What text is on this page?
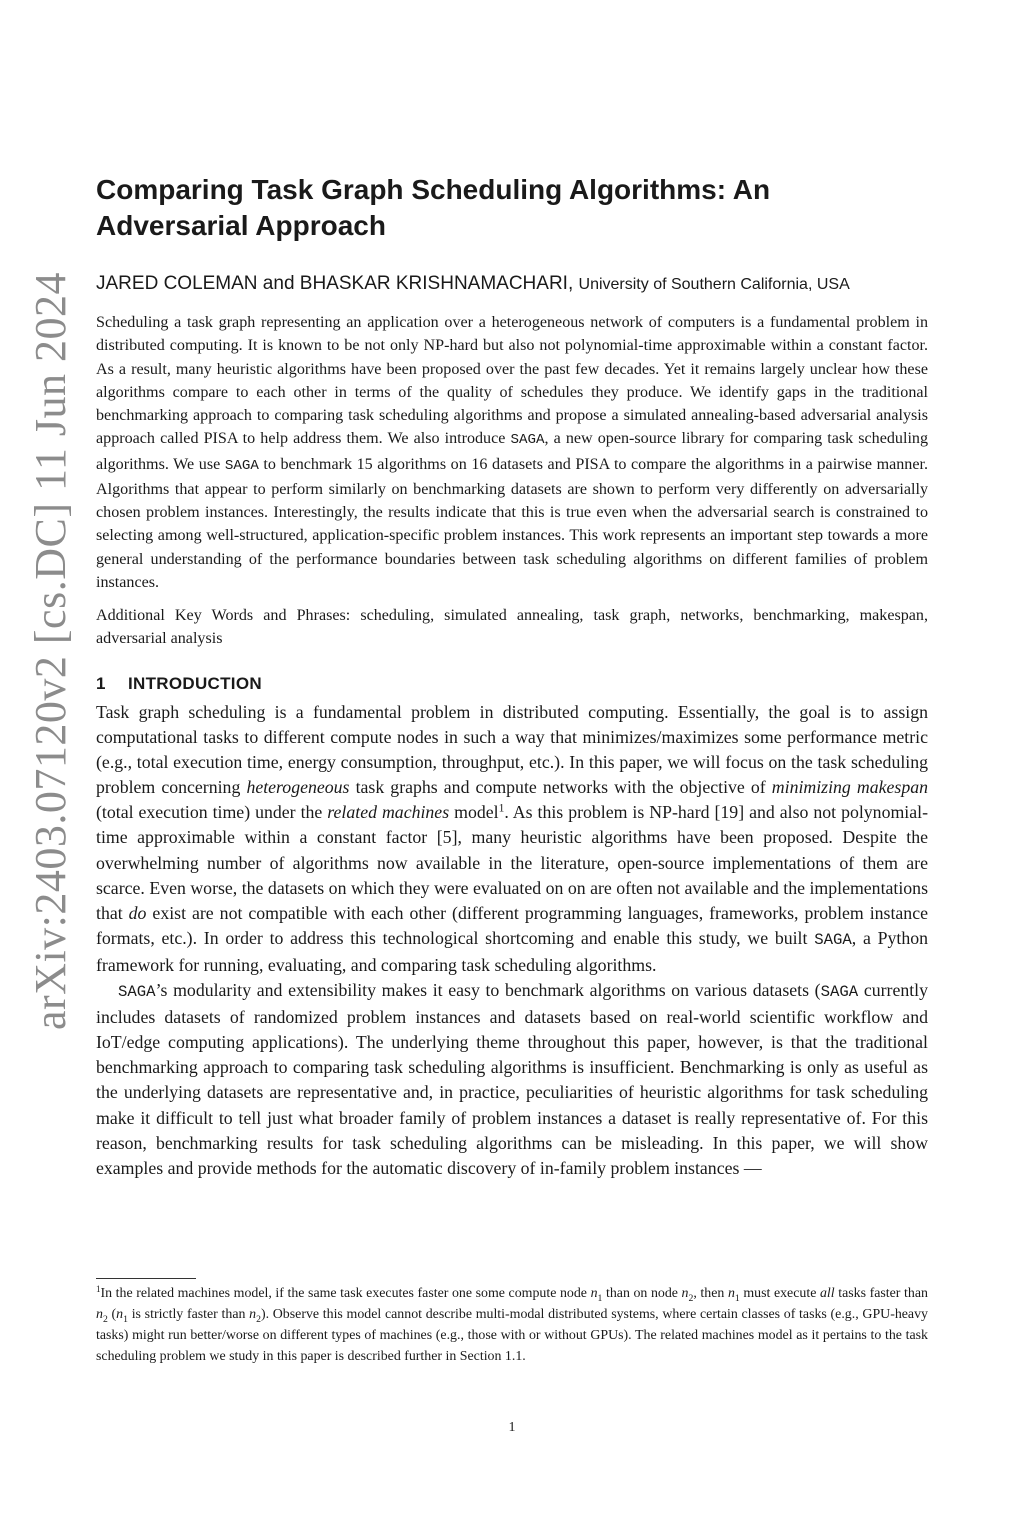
arXiv:2403.07120v2 [cs.DC] 11 Jun 2024
Comparing Task Graph Scheduling Algorithms: An Adversarial Approach
JARED COLEMAN and BHASKAR KRISHNAMACHARI, University of Southern California, USA
Scheduling a task graph representing an application over a heterogeneous network of computers is a fundamental problem in distributed computing. It is known to be not only NP-hard but also not polynomial-time approximable within a constant factor. As a result, many heuristic algorithms have been proposed over the past few decades. Yet it remains largely unclear how these algorithms compare to each other in terms of the quality of schedules they produce. We identify gaps in the traditional benchmarking approach to comparing task scheduling algorithms and propose a simulated annealing-based adversarial analysis approach called PISA to help address them. We also introduce SAGA, a new open-source library for comparing task scheduling algorithms. We use SAGA to benchmark 15 algorithms on 16 datasets and PISA to compare the algorithms in a pairwise manner. Algorithms that appear to perform similarly on benchmarking datasets are shown to perform very differently on adversarially chosen problem instances. Interestingly, the results indicate that this is true even when the adversarial search is constrained to selecting among well-structured, application-specific problem instances. This work represents an important step towards a more general understanding of the performance boundaries between task scheduling algorithms on different families of problem instances.
Additional Key Words and Phrases: scheduling, simulated annealing, task graph, networks, benchmarking, makespan, adversarial analysis
1 INTRODUCTION

Task graph scheduling is a fundamental problem in distributed computing. Essentially, the goal is to assign computational tasks to different compute nodes in such a way that minimizes/maximizes some performance metric (e.g., total execution time, energy consumption, throughput, etc.). In this paper, we will focus on the task scheduling problem concerning heterogeneous task graphs and compute networks with the objective of minimizing makespan (total execution time) under the related machines model$^1$. As this problem is NP-hard [19] and also not polynomial-time approximable within a constant factor [5], many heuristic algorithms have been proposed. Despite the overwhelming number of algorithms now available in the literature, open-source implementations of them are scarce. Even worse, the datasets on which they were evaluated on on are often not available and the implementations that do exist are not compatible with each other (different programming languages, frameworks, problem instance formats, etc.). In order to address this technological shortcoming and enable this study, we built SAGA, a Python framework for running, evaluating, and comparing task scheduling algorithms.

SAGA’s modularity and extensibility makes it easy to benchmark algorithms on various datasets (SAGA currently includes datasets of randomized problem instances and datasets based on real-world scientific workflow and IoT/edge computing applications). The underlying theme throughout this paper, however, is that the traditional benchmarking approach to comparing task scheduling algorithms is insufficient. Benchmarking is only as useful as the underlying datasets are representative and, in practice, peculiarities of heuristic algorithms for task scheduling make it difficult to tell just what broader family of problem instances a dataset is really representative of. For this reason, benchmarking results for task scheduling algorithms can be misleading. In this paper, we will show examples and provide methods for the automatic discovery of in-family problem instances —

$^1$In the related machines model, if the same task executes faster one some compute node $n_1$ than on node $n_2$, then $n_1$ must execute all tasks faster than $n_2$ ($n_1$ is strictly faster than $n_2$). Observe this model cannot describe multi-modal distributed systems, where certain classes of tasks (e.g., GPU-heavy tasks) might run better/worse on different types of machines (e.g., those with or without GPUs). The related machines model as it pertains to the task scheduling problem we study in this paper is described further in Section 1.1.
1
